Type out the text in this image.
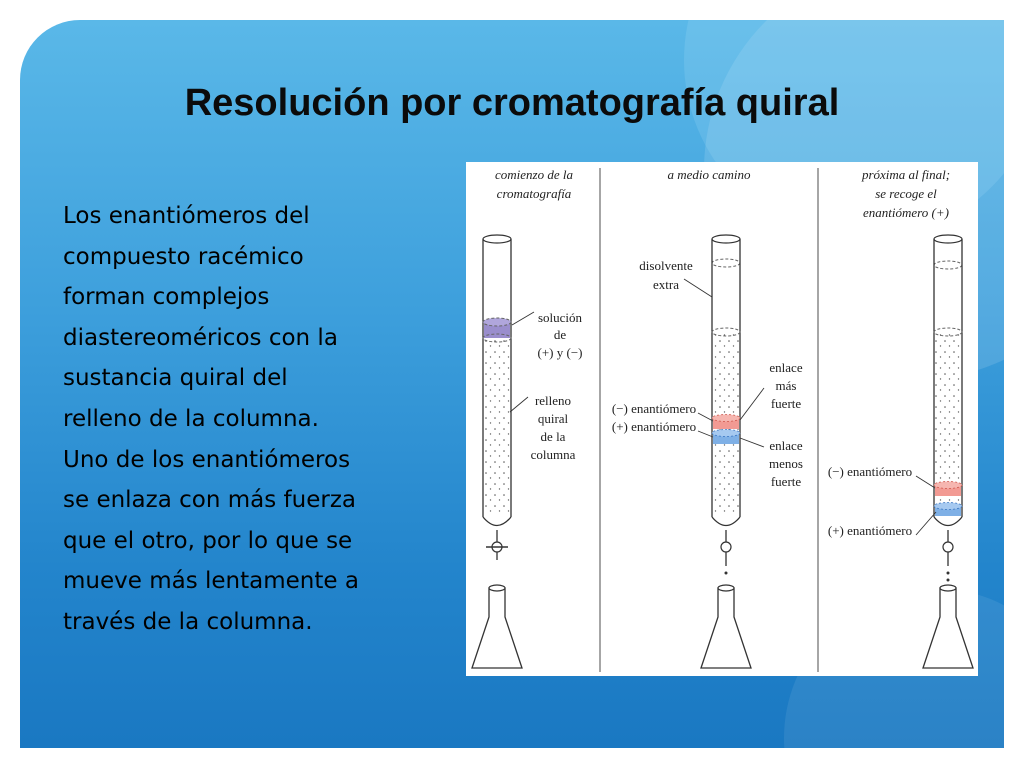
Resolución por cromatografía quiral
Los enantiómeros del
compuesto racémico
forman complejos
diastereoméricos con la
sustancia quiral del
relleno de la columna.
Uno de los enantiómeros
se enlaza con más fuerza
que el otro, por lo que se
mueve más lentamente a
través de la columna.
comienzo de la
cromatografía
solución
de
(+) y (−)
relleno
quiral
de la
columna
a medio camino
disolvente
extra
(−) enantiómero
(+) enantiómero
enlace
más
fuerte
enlace
menos
fuerte
próxima al final;
se recoge el
enantiómero (+)
(−) enantiómero
(+) enantiómero
